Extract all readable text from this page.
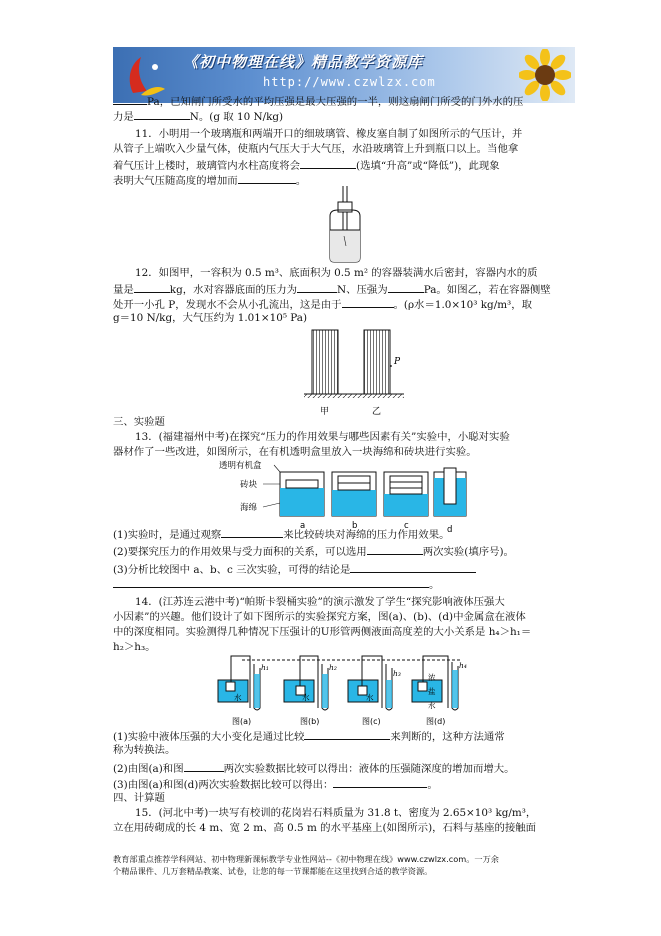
《初中物理在线》精品教学资源库
http://www.czwlzx.com
Pa，已知闸门所受水的平均压强是最大压强的一半，则这扇闸门所受的门外水的压
力是	N。(g 取 10 N/kg)
11．小明用一个玻璃瓶和两端开口的细玻璃管、橡皮塞自制了如图所示的气压计，并
从管子上端吹入少量气体，使瓶内气压大于大气压，水沿玻璃管上升到瓶口以上。当他拿
着气压计上楼时，玻璃管内水柱高度将会	(选填“升高”或“降低”)，此现象
表明大气压随高度的增加而	。
12．如图甲，一容积为 0.5 m³、底面积为 0.5 m² 的容器装满水后密封，容器内水的质
量是	kg，水对容器底面的压力为	N、压强为	Pa。如图乙，若在容器侧壁
处开一小孔 P，发现水不会从小孔流出，这是由于	。(ρ水＝1.0×10³ kg/m³，取
g＝10 N/kg，大气压约为 1.01×10⁵ Pa)
P
甲	乙
三、实验题
13．(福建福州中考)在探究“压力的作用效果与哪些因素有关”实验中，小聪对实验
器材作了一些改进，如图所示，在有机透明盒里放入一块海绵和砖块进行实验。
透明有机盒
砖块
海绵
a	b	c	d
(1)实验时，是通过观察	来比较砖块对海绵的压力作用效果。
(2)要探究压力的作用效果与受力面积的关系，可以选用	两次实验(填序号)。
(3)分析比较图中 a、b、c 三次实验，可得的结论是
。
14．(江苏连云港中考)“帕斯卡裂桶实验”的演示激发了学生“探究影响液体压强大
小因素”的兴趣。他们设计了如下图所示的实验探究方案，图(a)、(b)、(d)中金属盒在液体
中的深度相同。实验测得几种情况下压强计的U形管两侧液面高度差的大小关系是 h₄＞h₁＝
h₂＞h₃。
h₁
水
h₂
水
h₃
水
h₄
浓
盐
水
图(a)	图(b)	图(c)	图(d)
(1)实验中液体压强的大小变化是通过比较	来判断的，这种方法通常
称为转换法。
(2)由图(a)和图	两次实验数据比较可以得出：液体的压强随深度的增加而增大。
(3)由图(a)和图(d)两次实验数据比较可以得出：	。
四、计算题
15．(河北中考)一块写有校训的花岗岩石料质量为 31.8 t、密度为 2.65×10³ kg/m³，
立在用砖砌成的长 4 m、宽 2 m、高 0.5 m 的水平基座上(如图所示)，石料与基座的接触面
教育部重点推荐学科网站、初中物理新课标教学专业性网站--《初中物理在线》www.czwlzx.com。一万余
个精品课件、几万套精品教案、试卷，让您的每一节课都能在这里找到合适的教学资源。
